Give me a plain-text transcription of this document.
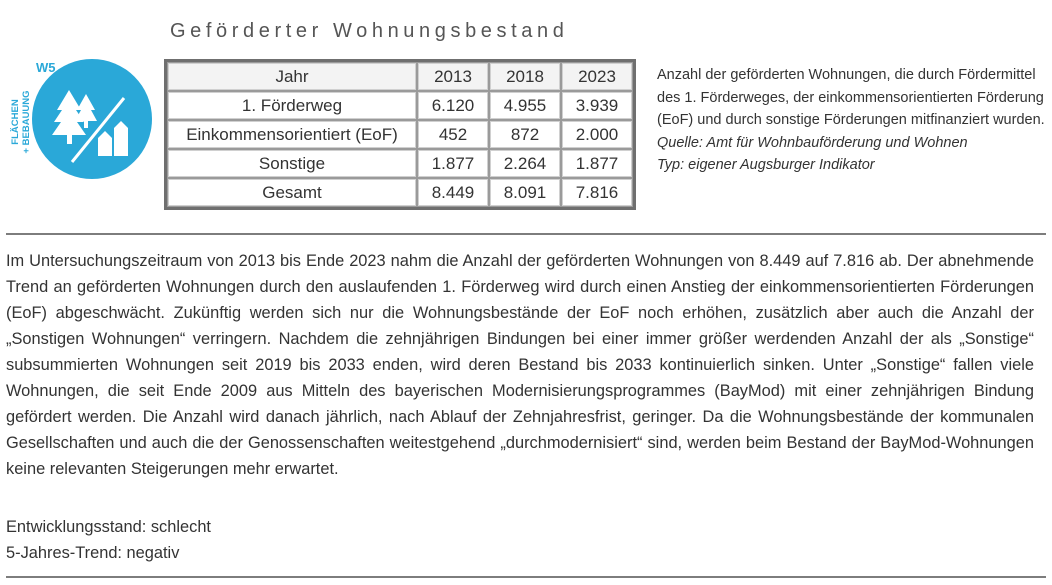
Geförderter Wohnungsbestand
FLÄCHEN + BEBAUUNG
W5	Jahr	2013	2018	2023
1. Förderweg	6.120	4.955	3.939
Einkommensorientiert (EoF)	452	872	2.000
Sonstige	1.877	2.264	1.877
Gesamt	8.449	8.091	7.816
Anzahl der geförderten Wohnungen, die durch Fördermittel des 1. Förderweges, der einkommensorientierten Förderung (EoF) und durch sonstige Förderungen mitfinanziert wurden.
Quelle: Amt für Wohnbauförderung und Wohnen
Typ: eigener Augsburger Indikator
Im Untersuchungszeitraum von 2013 bis Ende 2023 nahm die Anzahl der geförderten Wohnungen von 8.449 auf 7.816 ab. Der abnehmende Trend an geförderten Wohnungen durch den auslaufenden 1. Förderweg wird durch einen Anstieg der einkommensorientierten Förderungen (EoF) abgeschwächt. Zukünftig werden sich nur die Wohnungsbestände der EoF noch erhöhen, zusätzlich aber auch die Anzahl der „Sonstigen Wohnungen“ verringern. Nachdem die zehnjährigen Bindungen bei einer immer größer werdenden Anzahl der als „Sonstige“ subsummierten Wohnungen seit 2019 bis 2033 enden, wird deren Bestand bis 2033 kontinuierlich sinken. Unter „Sonstige“ fallen viele Wohnungen, die seit Ende 2009 aus Mitteln des bayerischen Modernisierungsprogrammes (BayMod) mit einer zehnjährigen Bindung gefördert werden. Die Anzahl wird danach jährlich, nach Ablauf der Zehnjahresfrist, geringer. Da die Wohnungsbestände der kommunalen Gesellschaften und auch die der Genossenschaften weitestgehend „durchmodernisiert“ sind, werden beim Bestand der BayMod-Wohnungen keine relevanten Steigerungen mehr erwartet.
Entwicklungsstand: schlecht
5-Jahres-Trend: negativ
